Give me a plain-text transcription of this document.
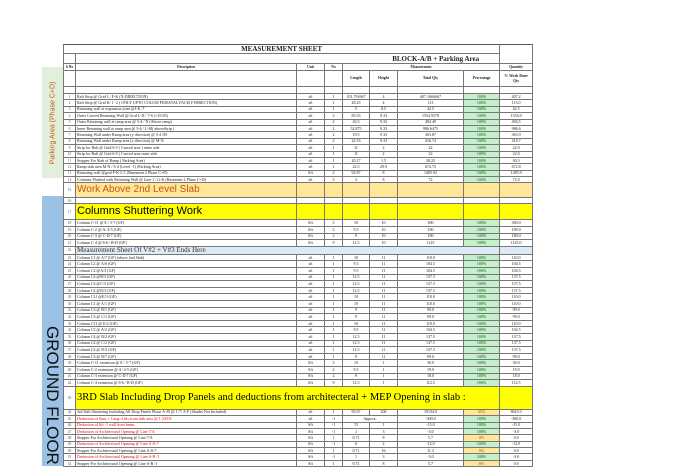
Parking Area (Phase C+D)
GROUND FLOOR
MEASUREMENT SHEET								
	BLOCK-A/B + Parking Area							
S.No	Description	Unit	No	Measurement				Quantity
				Length	Height	Total Qty	Percentage	% Work Done Qty

1	Raft Strip @ Grid 1 / F-K (X-DIRECTION)	sft	1	101.791667	4	407.1666667	100%	407.2
2	Raft Strip @ Grid K/ 1 -2 ( ONLY UPTO COLUM PEDISTAL FACE(Y-DIRECTION)	sft	1	28.25	4	113	100%	113.0
3	Retaining wall at expansion joint @J-K /7	sft	1	5	8.5	42.5	100%	42.5
4	Outer Curved Retaining Wall @ Grid L-N / 7-6 (+25.83)	sft	2	83.33	9.33	1554.9378	100%	1554.9
5	Outer Retaining wall at ramp area @ 5-4 / N (Above ramp)	sft	2	26.5	9.33	494.49	100%	494.5
6	Inner Retaining wall at ramp area @ 5-6 / L-M( aboveStrip )	sft	2	52.875	9.33	986.6475	100%	986.6
7	Retaining Wall under Ramp area (y direction) @ 5-4 /M	sft	2	19.5	9.33	363.87	100%	363.9
8	Retaining Wall under Ramp area (x direction) @ M-N	sft	2	22.33	9.33	416.74	100%	416.7
9	Strip for Raft @ Grid 6-5 ( Curved area ) inner side	sft	1	11	2	22	100%	22.0
10	Strip for Raft @ Grid 6-5 ( Curved area outer side	sft	1	11	2	22	100%	22.0
11	Stopper For Slab of Ramp ( Parking Area)	sft	1	20.17	1.5	30.25	100%	30.3
12	Ramp slab area M-N / 6-4 (Level -1) (Parking Area)	sft	1	22.5	29.9	672.75	100%	672.8
13	Retaining wall @grid F-K-L/1 (Basement 2 Phase C+D)	Sft	2	92.87	8	1485.92	100%	1485.9
14	Columns Flushed with Retaining Wall @ Line 1 / G-K (Basement 2 Phase C+D)	sft	3	3	8	72	100%	72.0
15	Work Above 2nd Level Slab							
16								
17	Columns Shuttering Work							
18	Column C-11 @ E / 5-7 (GF)	Sft	3	10	10	300	100%	300.0
19	Column C-2 @ A/ 4-5 (GF)	Sft	2	9.5	10	190	100%	190.0
20	Column C-3 @ C-D/7 (GF)	Sft	2	9	10	180	100%	180.0
21	Column C-4 @ 6-6 / B-D (GF)	Sft	9	12.5	10	1125	100%	1125.0
22	Measurement Sheet Of V#2 + V#3 Ends Here							
23	Column C1 @ A/7 (GF) (above 2nd Slab)	sft	1	10	11	110.0	100%	110.0
24	Column C2 @ A/6 (GF)	sft	1	9.5	11	104.5	100%	104.5
25	Column C2 @A/3 (GF)	sft	1	9.5	11	104.5	100%	104.5
26	Column C4 @B/3 (GF)	sft	1	12.5	11	137.5	100%	137.5
27	Column C4 @C/3 (GF)	sft	1	12.5	11	137.5	100%	137.5
28	Column C4 @D/3 (GF)	sft	1	12.5	11	137.5	100%	137.5
29	Column C11 @E/3 (GF)	sft	1	10	11	110.0	100%	110.0
30	Column C1 @ A/1 (GF)	sft	1	10	11	110.0	100%	110.0
31	Column C3 @ B/1 (GF)	sft	1	9	11	99.0	100%	99.0
32	Column C3 @ C/1 (GF)	sft	1	9	11	99.0	100%	99.0
33	Column C11 @ E/2 (GF)	sft	1	10	11	110.0	100%	110.0
34	Column C2 @ A/2 (GF)	sft	1	9.5	11	104.5	100%	104.5
35	Column C4 @ B/2 (GF)	sft	1	12.5	11	137.5	100%	137.5
36	Column C4 @ C/2 (GF)	sft	1	12.5	11	137.5	100%	137.5
37	Column C4 @ D/2 (GF)	sft	1	12.5	11	137.5	100%	137.5
38	Column C3 @ B/7 (GF)	sft	1	9	11	99.0	100%	99.0
39	Column C-11 extention @ E / 5-7 (GF)	Sft	3	10	1	30.0	100%	30.0
40	Column C-2 extension @ A/ 4-5 (GF)	Sft	2	9.5	1	19.0	100%	19.0
41	Column C-3 extention @ C-D/7 (GF)	Sft	2	9	1	18.0	100%	18.0
42	Column C-4 extantion @ 6-6 / B-D (GF)	Sft	9	12.5	1	112.5	100%	112.5
43	3RD Slab Including Drop Panels and deductions from architecteral + MEP Opening in slab :							
44	3rd Slab Shuttering Including All Drop Panels Phase A+B @ 1-7/ A-F (Shades Not Included)	sft	1	95.67	200	19134.0	45%	8610.3
45	Deduction of Stair + Cargo Lifts from slab area @ 1-2/D-E	sft	-1	Approx.		-300.0	100%	-300.0
46	Deduction of lift -1 wall from beam	Sft	-1	15	1	-15.0	100%	-15.0
47	Deduction of Architectural Opening @ Line 7/A	Sft	-1	1	3	-3.0	100%	-3.0
48	Stopper For Architectural Opening @ Line 7/A	Sft	1	0.71	8	5.7	0%	0.0
49	Deduction of Architectural Opening @ Line A /6-7	Sft	-1	6	2	-12.0	100%	-12.0
50	Stopper For Architectural Opening @ Line A /6-7	Sft	1	0.71	16	11.3	0%	0.0
51	Deduction of Architectural Opening @ Line A-B /1	Sft	-1	1	3	-3.0	100%	-3.0
52	Stopper For Architectural Opening @ Line A-B /1	Sft	1	0.71	8	5.7	0%	0.0
